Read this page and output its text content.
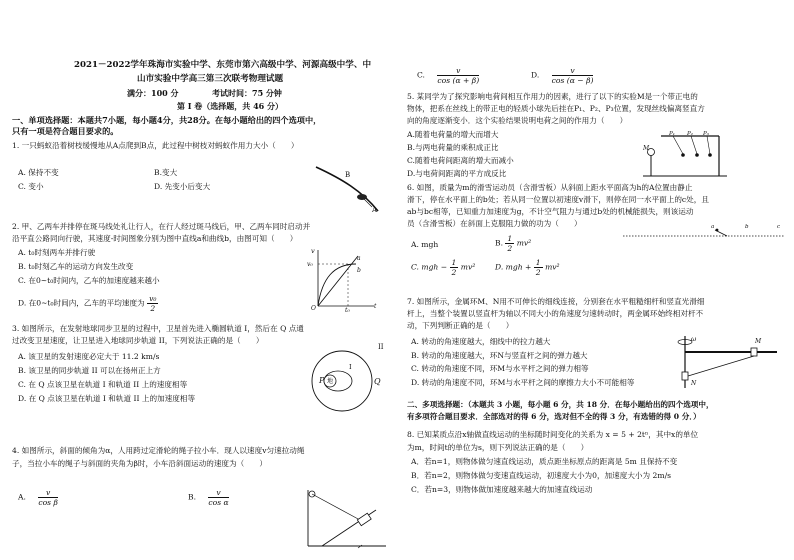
2021－2022学年珠海市实验中学、东莞市第六高级中学、河源高级中学、中
山市实验中学高三第三次联考物理试题
满分：100 分	考试时间：75 分钟
第 Ⅰ 卷（选择题，共 46 分）
一、单项选择题：本题共7小题，每小题4分，共28分。在每小题给出的四个选项中，
只有一项是符合题目要求的。
1. 一只蚂蚁沿着树枝缓慢地从A点爬到B点，此过程中树枝对蚂蚁作用力大小（　　）
A. 保持不变	B.变大
C. 变小	D. 先变小后变大
B
A
2. 甲、乙两车并排停在斑马线处礼让行人，在行人经过斑马线后，甲、乙两车同时启动并
沿平直公路同向行驶，其速度-时间图象分别为图中直线a和曲线b，由图可知（　　）
A. t₀时刻两车并排行驶
B. t₀时刻乙车的运动方向发生改变
C. 在0~t₀时间内，乙车的加速度越来越小
D. 在0~t₀时间内，乙车的平均速度为 $\frac{\text{v₀}}{2}$
v
v₀
a
b
O	t₀
t
3. 如图所示，在发射地球同步卫星的过程中，卫星首先进入椭圆轨道 I，然后在 Q 点通
过改变卫星速度，让卫星进入地球同步轨道 II，下列说法正确的是（　　）
A. 该卫星的发射速度必定大于 11.2 km/s
B. 该卫星的同步轨道 II 可以在扬州正上方
C. 在 Q 点该卫星在轨道 I 和轨道 II 上的速度相等
D. 在 Q 点该卫星在轨道 I 和轨道 II 上的加速度相等
P 地	Q
I
II
4. 如图所示，斜面的倾角为α，人用跨过定滑轮的绳子拉小车．现人以速度v匀速拉动绳
子，当拉小车的绳子与斜面的夹角为β时，小车沿斜面运动的速度为（　　）
A. $\frac{v}{\text{cos β}}$	B. $\frac{v}{\text{cos α}}$
C. $\frac{v}{\cos (\alpha + \beta)}$	D. $\frac{v}{\cos (\alpha - \beta)}$
5. 某同学为了探究影响电荷间相互作用力的因素，进行了以下的实验M是一个带正电的
物体，把系在丝线上的带正电的轻质小球先后挂在P₁、P₂、P₃位置，发现丝线偏离竖直方
向的角度逐渐变小．这个实验结果说明电荷之间的作用力（　　）
A.随着电荷量的增大而增大
B.与两电荷量的乘积成正比
C.随着电荷间距离的增大而减小
D.与电荷间距离的平方成反比
P₁ P₂ P₃
M
6. 如图，质量为m的滑雪运动员（含滑雪板）从斜面上距水平面高为h的A位置由静止
滑下，停在水平面上的b处；若从同一位置以初速度v滑下，则停在同一水平面上的c处，且
ab与bc相等，已知重力加速度为g，不计空气阻力与通过b处的机械能损失，则该运动
员（含滑雪板）在斜面上克服阻力做的功为（　　）
A. mgh	B. $\frac{1}{2} mv^2$
C. mgh − $\frac{1}{2} mv^2$	D. mgh + $\frac{1}{2} mv^2$
a	b	c
7. 如图所示，金属环M、N用不可伸长的细线连接，分别套在水平粗糙细杆和竖直光滑细
杆上，当整个装置以竖直杆为轴以不同大小的角速度匀速转动时，两金属环始终相对杆不
动，下列判断正确的是（　　）
A. 转动的角速度越大，细线中的拉力越大
B. 转动的角速度越大，环N与竖直杆之间的弹力越大
C. 转动的角速度不同，环M与水平杆之间的弹力相等
D. 转动的角速度不同，环M与水平杆之间的摩擦力大小不可能相等
ω	M
N
二、多项选择题：（本题共 3 小题，每小题 6 分，共 18 分．在每小题给出的四个选项中，
有多项符合题目要求．全部选对的得 6 分，选对但不全的得 3 分，有选错的得 0 分．）
8. 已知某质点沿x轴做直线运动的坐标随时间变化的关系为 x = 5 + 2tⁿ，其中x的单位
为m，时间t的单位为s，则下列说法正确的是（　　）
A．若n=1，则物体做匀速直线运动，质点距坐标原点的距离是 5m 且保持不变
B．若n=2，则物体做匀变速直线运动，初速度大小为0，加速度大小为 2m/s
C．若n=3，则物体做加速度越来越大的加速直线运动
